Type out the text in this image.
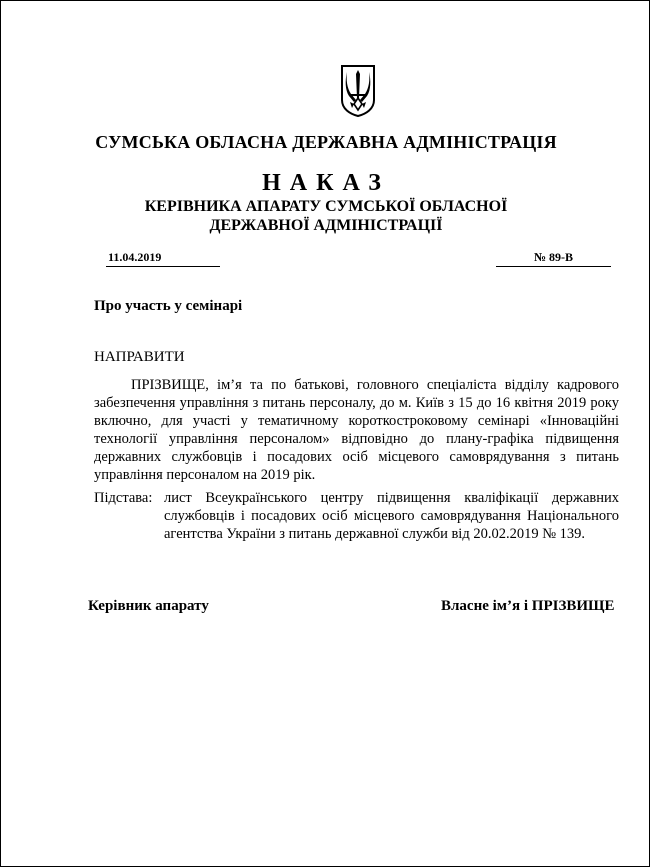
СУМСЬКА ОБЛАСНА ДЕРЖАВНА АДМІНІСТРАЦІЯ
НАКАЗ
КЕРІВНИКА АПАРАТУ СУМСЬКОЇ ОБЛАСНОЇ
ДЕРЖАВНОЇ АДМІНІСТРАЦІЇ
11.04.2019	№ 89-В
Про участь у семінарі
НАПРАВИТИ
ПРІЗВИЩЕ, ім’я та по батькові, головного спеціаліста відділу кадрового забезпечення управління з питань персоналу, до м. Київ з 15 до 16 квітня 2019 року включно, для участі у тематичному короткостроковому семінарі «Інноваційні технології управління персоналом» відповідно до плану-графіка підвищення державних службовців і посадових осіб місцевого самоврядування з питань управління персоналом на 2019 рік.
Підстава: лист Всеукраїнського центру підвищення кваліфікації державних службовців і посадових осіб місцевого самоврядування Національного агентства України з питань державної служби від 20.02.2019 № 139.

Керівник апарату	Власне ім’я і ПРІЗВИЩЕ
